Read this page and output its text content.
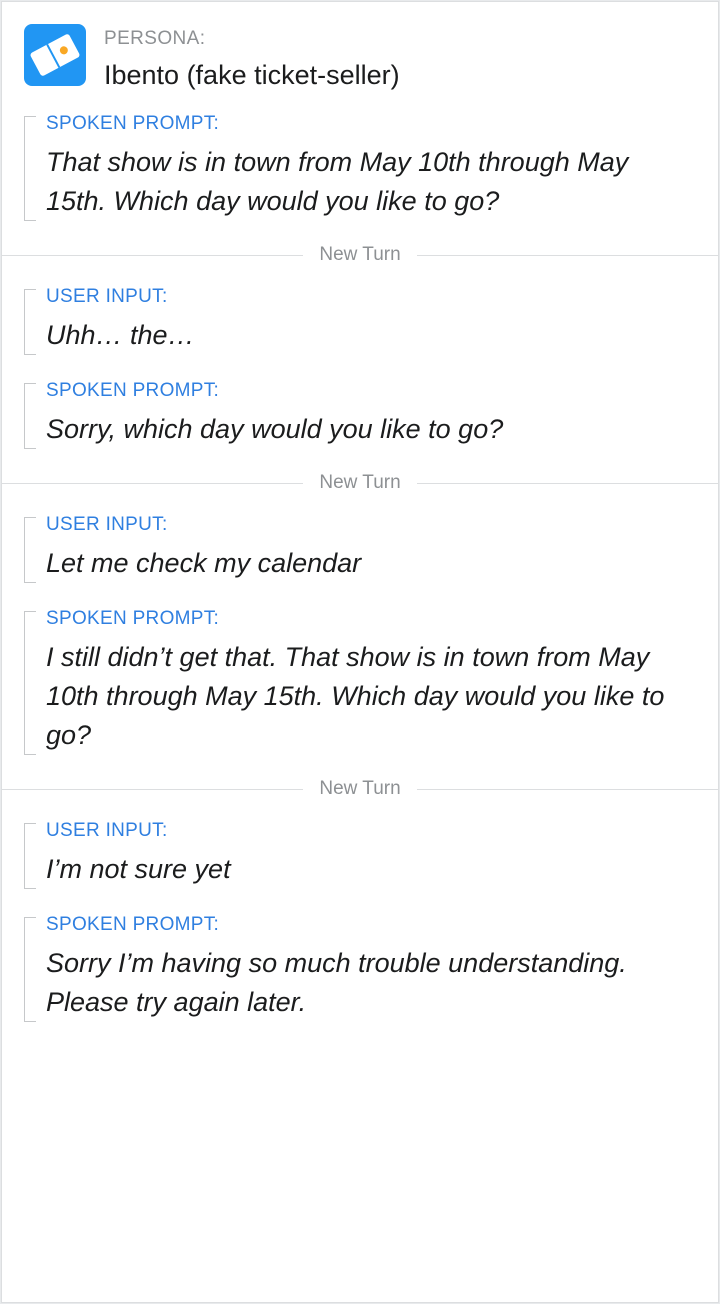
PERSONA:
Ibento (fake ticket-seller)
SPOKEN PROMPT:
That show is in town from May 10th through May 15th. Which day would you like to go?
New Turn
USER INPUT:
Uhh… the…
SPOKEN PROMPT:
Sorry, which day would you like to go?
New Turn
USER INPUT:
Let me check my calendar
SPOKEN PROMPT:
I still didn’t get that. That show is in town from May 10th through May 15th. Which day would you like to go?
New Turn
USER INPUT:
I’m not sure yet
SPOKEN PROMPT:
Sorry I’m having so much trouble understanding. Please try again later.
